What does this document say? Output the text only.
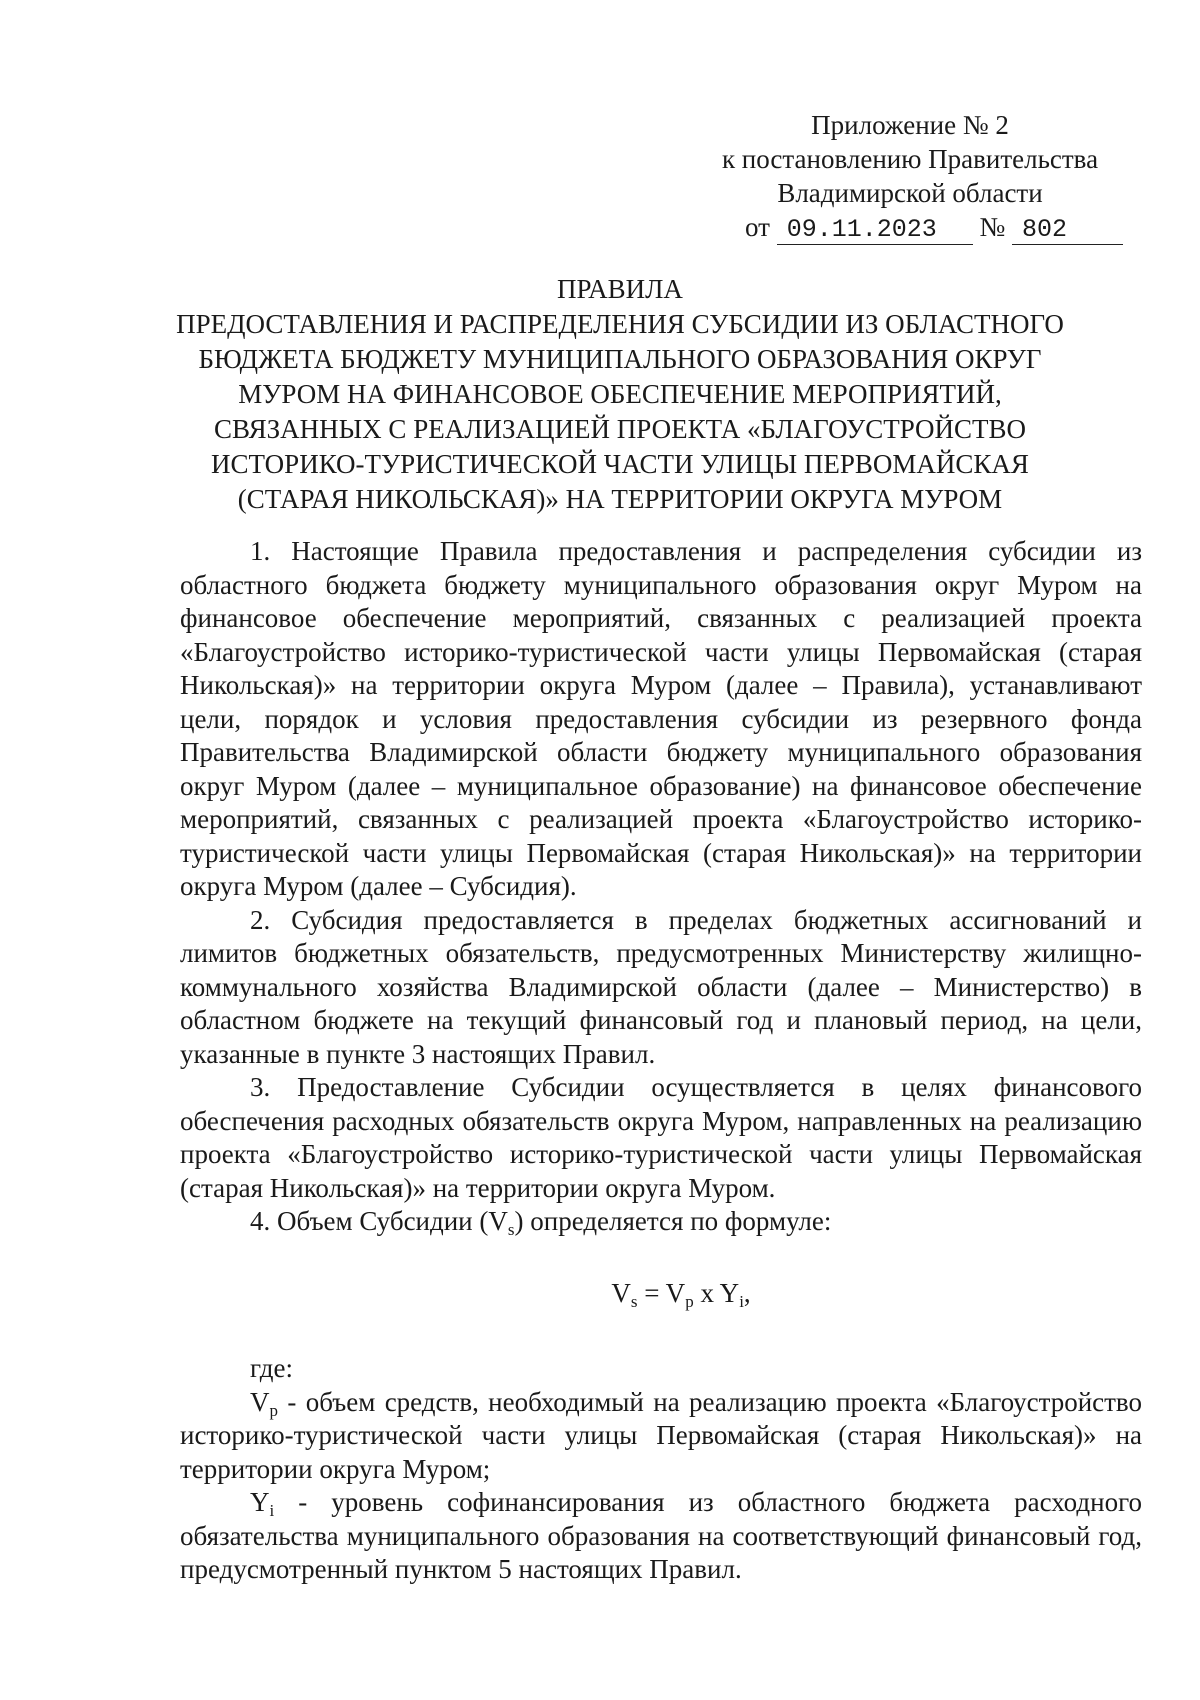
Приложение № 2
к постановлению Правительства
Владимирской области
от 09.11.2023 № 802
ПРАВИЛА
ПРЕДОСТАВЛЕНИЯ И РАСПРЕДЕЛЕНИЯ СУБСИДИИ ИЗ ОБЛАСТНОГО
БЮДЖЕТА БЮДЖЕТУ МУНИЦИПАЛЬНОГО ОБРАЗОВАНИЯ ОКРУГ
МУРОМ НА ФИНАНСОВОЕ ОБЕСПЕЧЕНИЕ МЕРОПРИЯТИЙ,
СВЯЗАННЫХ С РЕАЛИЗАЦИЕЙ ПРОЕКТА «БЛАГОУСТРОЙСТВО
ИСТОРИКО-ТУРИСТИЧЕСКОЙ ЧАСТИ УЛИЦЫ ПЕРВОМАЙСКАЯ
(СТАРАЯ НИКОЛЬСКАЯ)» НА ТЕРРИТОРИИ ОКРУГА МУРОМ

1. Настоящие Правила предоставления и распределения субсидии из областного бюджета бюджету муниципального образования округ Муром на финансовое обеспечение мероприятий, связанных с реализацией проекта «Благоустройство историко-туристической части улицы Первомайская (старая Никольская)» на территории округа Муром (далее – Правила), устанавливают цели, порядок и условия предоставления субсидии из резервного фонда Правительства Владимирской области бюджету муниципального образования округ Муром (далее – муниципальное образование) на финансовое обеспечение мероприятий, связанных с реализацией проекта «Благоустройство историко-туристической части улицы Первомайская (старая Никольская)» на территории округа Муром (далее – Субсидия).

2. Субсидия предоставляется в пределах бюджетных ассигнований и лимитов бюджетных обязательств, предусмотренных Министерству жилищно-коммунального хозяйства Владимирской области (далее – Министерство) в областном бюджете на текущий финансовый год и плановый период, на цели, указанные в пункте 3 настоящих Правил.

3. Предоставление Субсидии осуществляется в целях финансового обеспечения расходных обязательств округа Муром, направленных на реализацию проекта «Благоустройство историко-туристической части улицы Первомайская (старая Никольская)» на территории округа Муром.

4. Объем Субсидии $(V_s)$ определяется по формуле:

$V_s = V_p$ x $Y_i$,

где:

$V_p$ - объем средств, необходимый на реализацию проекта «Благоустройство историко-туристической части улицы Первомайская (старая Никольская)» на территории округа Муром;

$Y_i$ - уровень софинансирования из областного бюджета расходного обязательства муниципального образования на соответствующий финансовый год, предусмотренный пунктом 5 настоящих Правил.
